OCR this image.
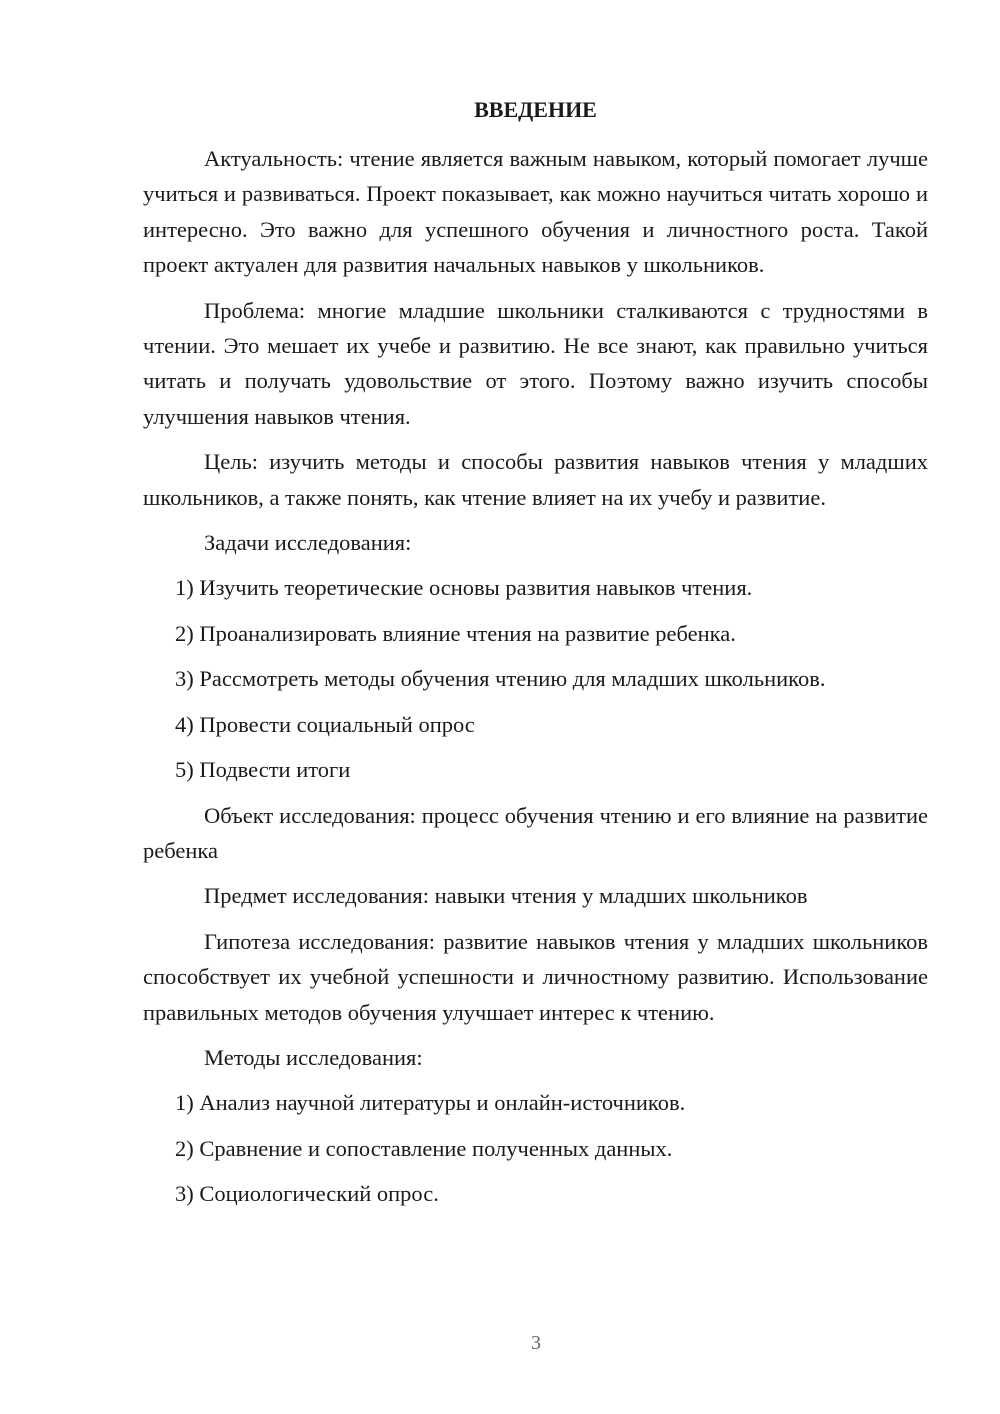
ВВЕДЕНИЕ

Актуальность: чтение является важным навыком, который помогает лучше учиться и развиваться. Проект показывает, как можно научиться читать хорошо и интересно. Это важно для успешного обучения и личностного роста. Такой проект актуален для развития начальных навыков у школьников.

Проблема: многие младшие школьники сталкиваются с трудностями в чтении. Это мешает их учебе и развитию. Не все знают, как правильно учиться читать и получать удовольствие от этого. Поэтому важно изучить способы улучшения навыков чтения.

Цель: изучить методы и способы развития навыков чтения у младших школьников, а также понять, как чтение влияет на их учебу и развитие.

Задачи исследования:

1) Изучить теоретические основы развития навыков чтения.
2) Проанализировать влияние чтения на развитие ребенка.
3) Рассмотреть методы обучения чтению для младших школьников.
4) Провести социальный опрос
5) Подвести итоги

Объект исследования: процесс обучения чтению и его влияние на развитие ребенка

Предмет исследования: навыки чтения у младших школьников

Гипотеза исследования: развитие навыков чтения у младших школьников способствует их учебной успешности и личностному развитию. Использование правильных методов обучения улучшает интерес к чтению.

Методы исследования:

1) Анализ научной литературы и онлайн-источников.
2) Сравнение и сопоставление полученных данных.
3) Социологический опрос.
3
